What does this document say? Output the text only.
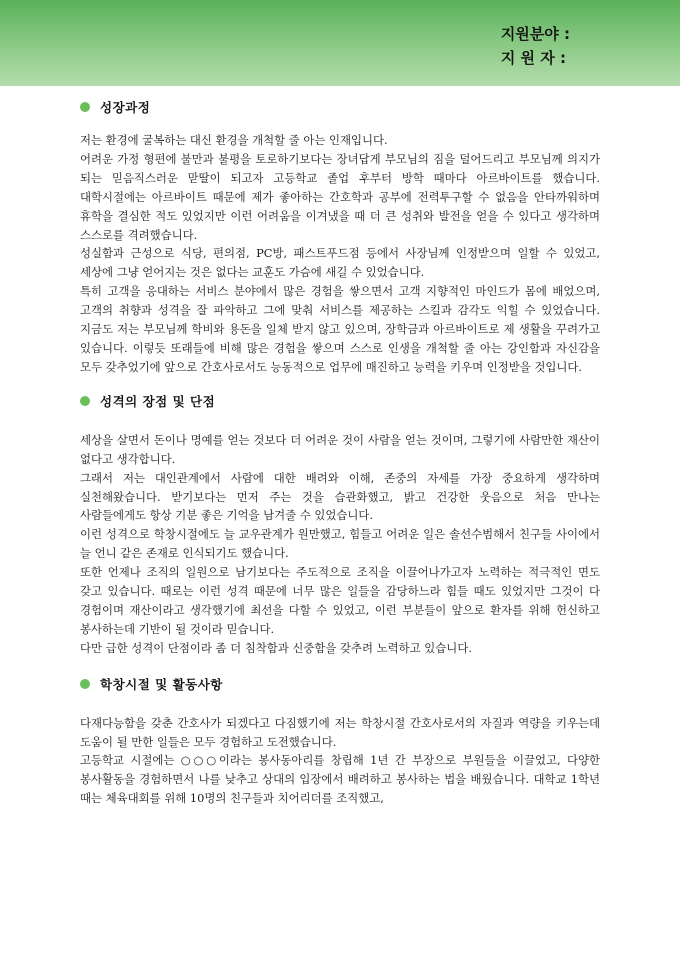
지원분야 :
지 원 자 :
성장과정

저는 환경에 굴복하는 대신 환경을 개척할 줄 아는 인재입니다.

어려운 가정 형편에 불만과 불평을 토로하기보다는 장녀답게 부모님의 짐을 덜어드리고 부모님께 의지가 되는 믿음직스러운 맏딸이 되고자 고등학교 졸업 후부터 방학 때마다 아르바이트를 했습니다. 대학시절에는 아르바이트 때문에 제가 좋아하는 간호학과 공부에 전력투구할 수 없음을 안타까워하며 휴학을 결심한 적도 있었지만 이런 어려움을 이겨냈을 때 더 큰 성취와 발전을 얻을 수 있다고 생각하며 스스로를 격려했습니다.

성실함과 근성으로 식당, 편의점, PC방, 패스트푸드점 등에서 사장님께 인정받으며 일할 수 있었고, 세상에 그냥 얻어지는 것은 없다는 교훈도 가슴에 새길 수 있었습니다.

특히 고객을 응대하는 서비스 분야에서 많은 경험을 쌓으면서 고객 지향적인 마인드가 몸에 배었으며, 고객의 취향과 성격을 잘 파악하고 그에 맞춰 서비스를 제공하는 스킬과 감각도 익힐 수 있었습니다. 지금도 저는 부모님께 학비와 용돈을 일체 받지 않고 있으며, 장학금과 아르바이트로 제 생활을 꾸려가고 있습니다. 이렇듯 또래들에 비해 많은 경험을 쌓으며 스스로 인생을 개척할 줄 아는 강인함과 자신감을 모두 갖추었기에 앞으로 간호사로서도 능동적으로 업무에 매진하고 능력을 키우며 인정받을 것입니다.

성격의 장점 및 단점

세상을 살면서 돈이나 명예를 얻는 것보다 더 어려운 것이 사람을 얻는 것이며, 그렇기에 사람만한 재산이 없다고 생각합니다.

그래서 저는 대인관계에서 사람에 대한 배려와 이해, 존중의 자세를 가장 중요하게 생각하며 실천해왔습니다. 받기보다는 먼저 주는 것을 습관화했고, 밝고 건강한 웃음으로 처음 만나는 사람들에게도 항상 기분 좋은 기억을 남겨줄 수 있었습니다.

이런 성격으로 학창시절에도 늘 교우관계가 원만했고, 힘들고 어려운 일은 솔선수범해서 친구들 사이에서 늘 언니 같은 존재로 인식되기도 했습니다.

또한 언제나 조직의 일원으로 남기보다는 주도적으로 조직을 이끌어나가고자 노력하는 적극적인 면도 갖고 있습니다. 때로는 이런 성격 때문에 너무 많은 일들을 감당하느라 힘들 때도 있었지만 그것이 다 경험이며 재산이라고 생각했기에 최선을 다할 수 있었고, 이런 부분들이 앞으로 환자를 위해 헌신하고 봉사하는데 기반이 될 것이라 믿습니다.

다만 급한 성격이 단점이라 좀 더 침착함과 신중함을 갖추려 노력하고 있습니다.

학창시절 및 활동사항

다재다능함을 갖춘 간호사가 되겠다고 다짐했기에 저는 학창시절 간호사로서의 자질과 역량을 키우는데 도움이 될 만한 일들은 모두 경험하고 도전했습니다.

고등학교 시절에는 ○○○이라는 봉사동아리를 창립해 1년 간 부장으로 부원들을 이끌었고, 다양한 봉사활동을 경험하면서 나를 낮추고 상대의 입장에서 배려하고 봉사하는 법을 배웠습니다. 대학교 1학년 때는 체육대회를 위해 10명의 친구들과 치어리더를 조직했고,
